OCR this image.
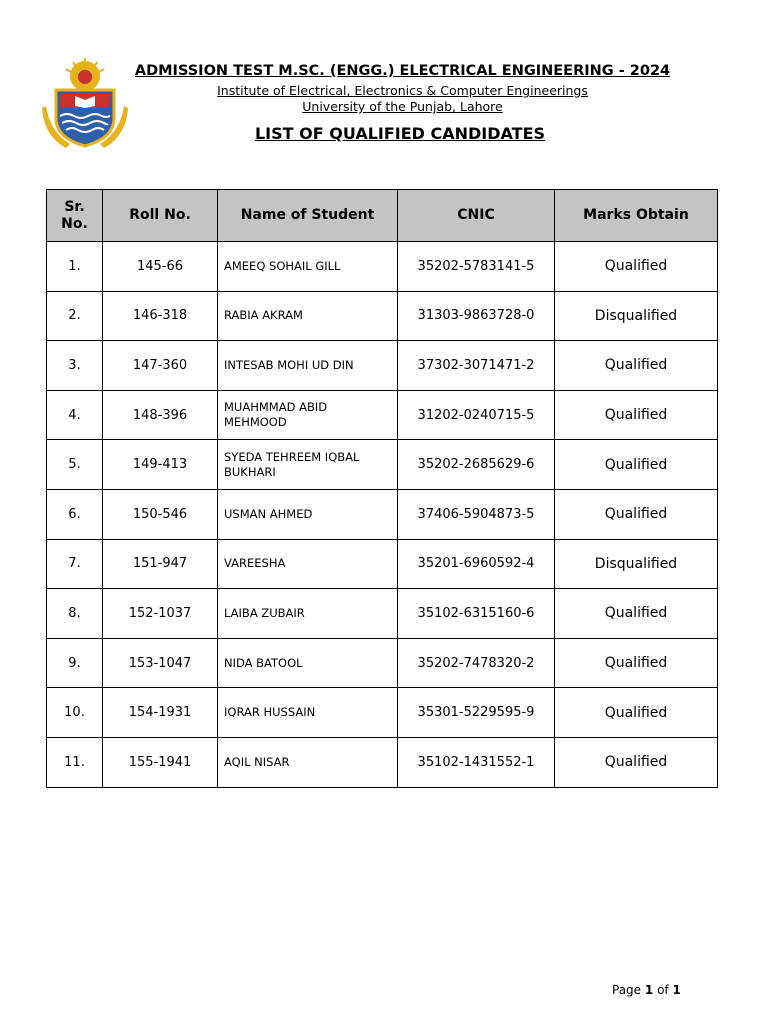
ADMISSION TEST M.SC. (ENGG.) ELECTRICAL ENGINEERING - 2024
Institute of Electrical, Electronics & Computer Engineerings
University of the Punjab, Lahore
LIST OF QUALIFIED CANDIDATES
Sr. No.	Roll No.	Name of Student	CNIC	Marks Obtain
1.	145-66	AMEEQ SOHAIL GILL	35202-5783141-5	Qualified
2.	146-318	RABIA AKRAM	31303-9863728-0	Disqualified
3.	147-360	INTESAB MOHI UD DIN	37302-3071471-2	Qualified
4.	148-396	MUAHMMAD ABID MEHMOOD	31202-0240715-5	Qualified
5.	149-413	SYEDA TEHREEM IQBAL BUKHARI	35202-2685629-6	Qualified
6.	150-546	USMAN AHMED	37406-5904873-5	Qualified
7.	151-947	VAREESHA	35201-6960592-4	Disqualified
8.	152-1037	LAIBA ZUBAIR	35102-6315160-6	Qualified
9.	153-1047	NIDA BATOOL	35202-7478320-2	Qualified
10.	154-1931	IQRAR HUSSAIN	35301-5229595-9	Qualified
11.	155-1941	AQIL NISAR	35102-1431552-1	Qualified
Page 1 of 1
